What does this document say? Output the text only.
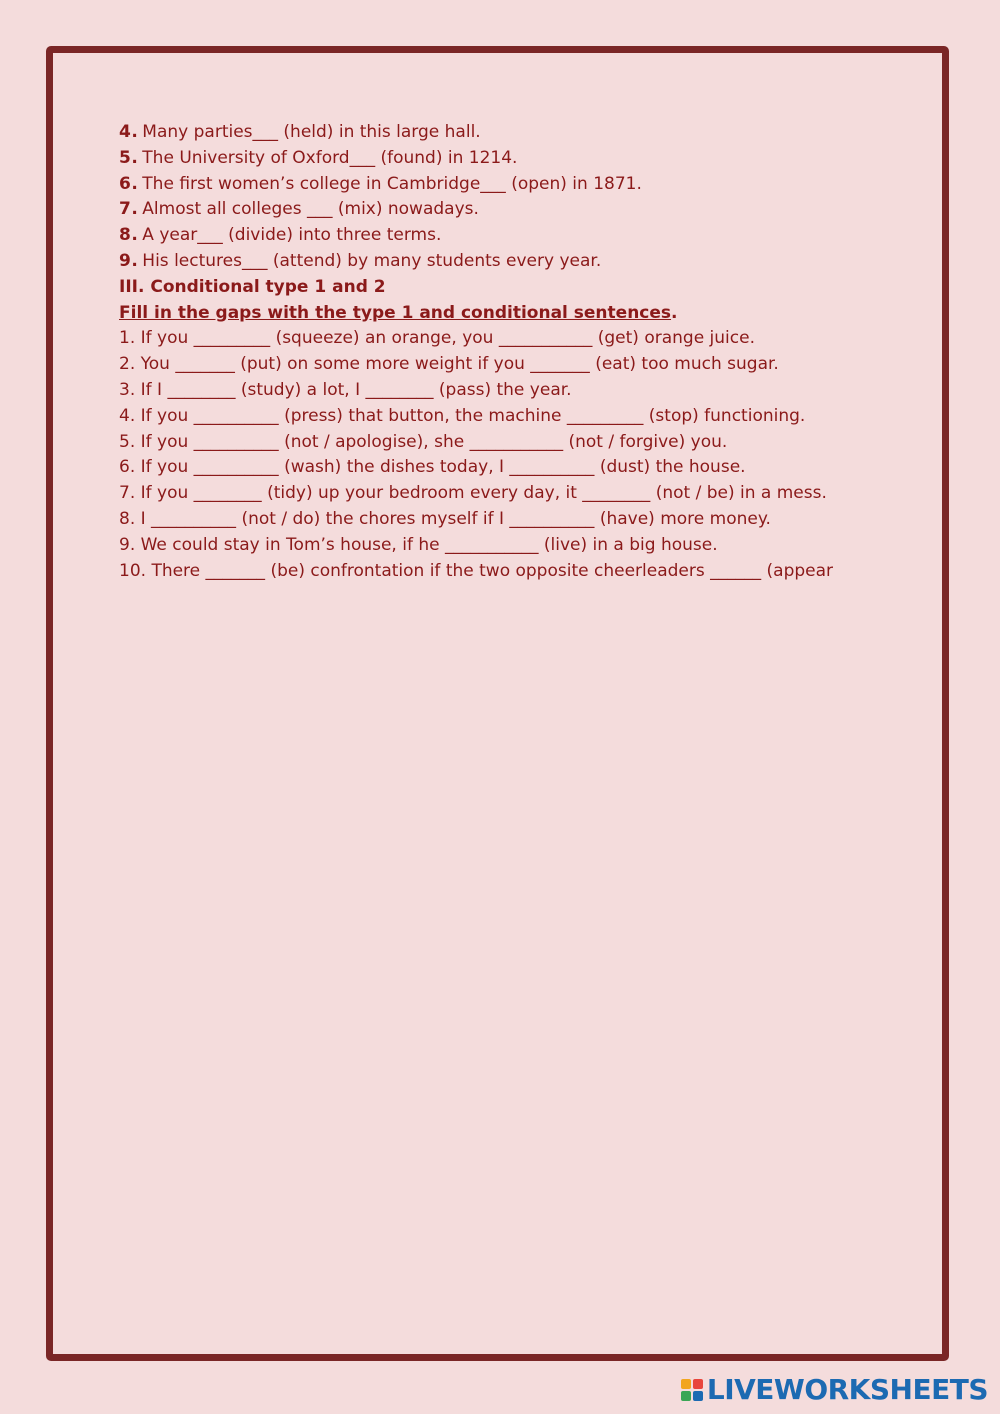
4. Many parties___ (held) in this large hall.
5. The University of Oxford___ (found) in 1214.
6. The first women’s college in Cambridge___ (open) in 1871.
7. Almost all colleges ___ (mix) nowadays.
8. A year___ (divide) into three terms.
9. His lectures___ (attend) by many students every year.
III. Conditional type 1 and 2
Fill in the gaps with the type 1 and conditional sentences.
1. If you _________ (squeeze) an orange, you ___________ (get) orange juice.
2. You _______ (put) on some more weight if you _______ (eat) too much sugar.
3. If I ________ (study) a lot, I ________ (pass) the year.
4. If you __________ (press) that button, the machine _________ (stop) functioning.
5. If you __________ (not / apologise), she ___________ (not / forgive) you.
6. If you __________ (wash) the dishes today, I __________ (dust) the house.
7. If you ________ (tidy) up your bedroom every day, it ________ (not / be) in a mess.
8. I __________ (not / do) the chores myself if I __________ (have) more money.
9. We could stay in Tom’s house, if he ___________ (live) in a big house.
10. There _______ (be) confrontation if the two opposite cheerleaders ______ (appear
LIVEWORKSHEETS
